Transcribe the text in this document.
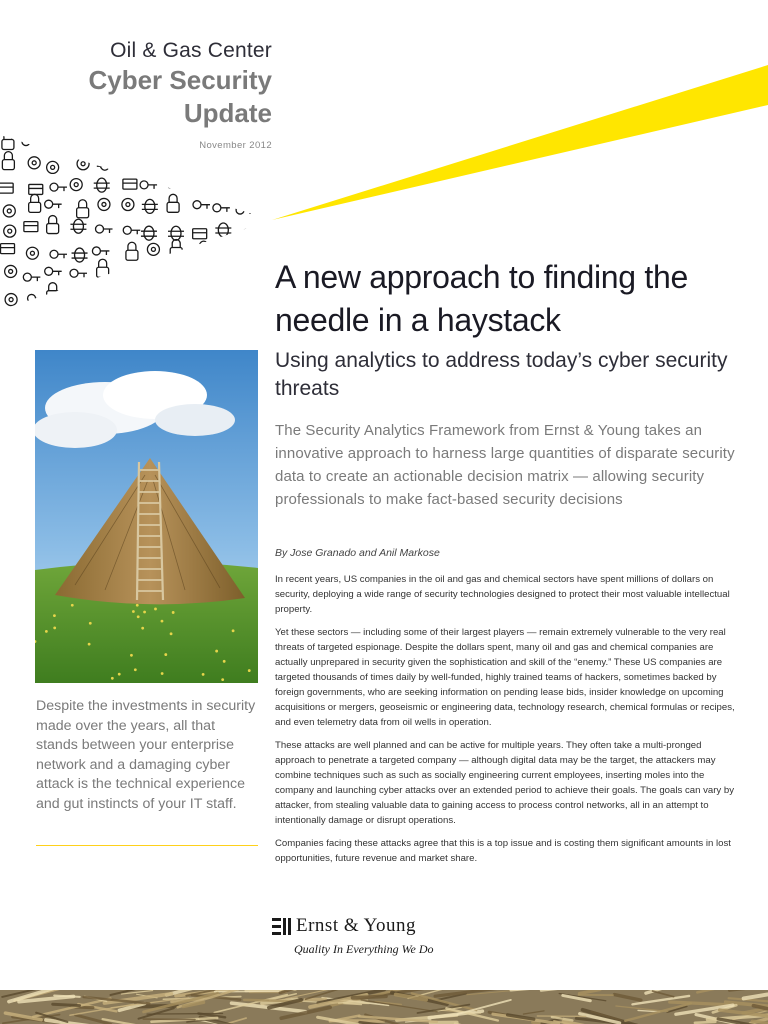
Oil & Gas Center
Cyber Security
Update
November 2012
A new approach to finding the needle in a haystack
Using analytics to address today’s cyber security threats
The Security Analytics Framework from Ernst & Young takes an innovative approach to harness large quantities of disparate security data to create an actionable decision matrix — allowing security professionals to make fact-based security decisions
By Jose Granado and Anil Markose

In recent years, US companies in the oil and gas and chemical sectors have spent millions of dollars on security, deploying a wide range of security technologies designed to protect their most valuable intellectual property.

Yet these sectors — including some of their largest players — remain extremely vulnerable to the very real threats of targeted espionage. Despite the dollars spent, many oil and gas and chemical companies are actually unprepared in security given the sophistication and skill of the “enemy.” These US companies are targeted thousands of times daily by well-funded, highly trained teams of hackers, sometimes backed by foreign governments, who are seeking information on pending lease bids, insider knowledge on upcoming acquisitions or mergers, geoseismic or engineering data, technology research, chemical formulas or recipes, and even telemetry data from oil wells in operation.

These attacks are well planned and can be active for multiple years. They often take a multi-pronged approach to penetrate a targeted company — although digital data may be the target, the attackers may combine techniques such as such as socially engineering current employees, inserting moles into the company and launching cyber attacks over an extended period to achieve their goals. The goals can vary by attacker, from stealing valuable data to gaining access to process control networks, all in an attempt to intentionally damage or disrupt operations.

Companies facing these attacks agree that this is a top issue and is costing them significant amounts in lost opportunities, future revenue and market share.

Despite the investments in security made over the years, all that stands between your enterprise network and a damaging cyber attack is the technical experience and gut instincts of your IT staff.
Ernst & Young
Quality In Everything We Do
